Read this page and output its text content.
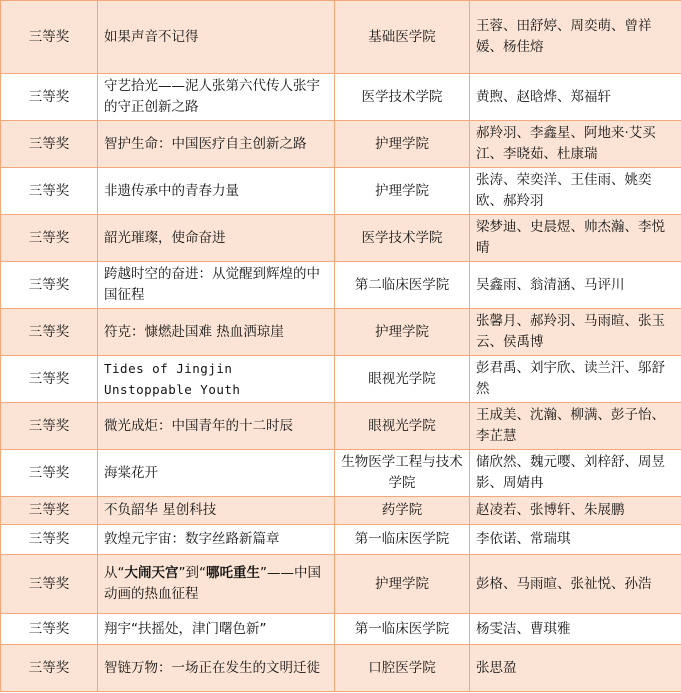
三等奖	如果声音不记得	基础医学院	王蓉、田舒婷、周奕萌、曾祥媛、杨佳熔
三等奖	守艺拾光——泥人张第六代传人张宇的守正创新之路	医学技术学院	黄煦、赵晗烨、郑福轩
三等奖	智护生命：中国医疗自主创新之路	护理学院	郝羚羽、李鑫星、阿地来·艾买江、李晓茹、杜康瑞
三等奖	非遗传承中的青春力量	护理学院	张涛、荣奕洋、王佳雨、姚奕欧、郝羚羽
三等奖	韶光璀璨，使命奋进	医学技术学院	梁梦迪、史晨煜、帅杰瀚、李悦晴
三等奖	跨越时空的奋进：从觉醒到辉煌的中国征程	第二临床医学院	吴鑫雨、翁清涵、马评川
三等奖	符克：慷燃赴国难 热血洒琼崖	护理学院	张馨月、郝羚羽、马雨暄、张玉云、侯禹博
三等奖	Tides of Jingjin Unstoppable Youth	眼视光学院	彭君禹、刘宇欣、读兰汗、邬舒然
三等奖	微光成炬：中国青年的十二时辰	眼视光学院	王成美、沈瀚、柳满、彭子怡、李芷慧
三等奖	海棠花开	生物医学工程与技术学院	储欣然、魏元嘤、刘梓舒、周昱影、周婧冉
三等奖	不负韶华 星创科技	药学院	赵凌若、张博轩、朱展鹏
三等奖	敦煌元宇宙：数字丝路新篇章	第一临床医学院	李依诺、常瑞琪
三等奖	从“大闹天宫”到“哪吒重生”——中国动画的热血征程	护理学院	彭格、马雨暄、张祉悦、孙浩
三等奖	翔宇“扶摇处，津门曙色新”	第一临床医学院	杨雯洁、曹琪雅
三等奖	智链万物：一场正在发生的文明迁徙	口腔医学院	张思盈
